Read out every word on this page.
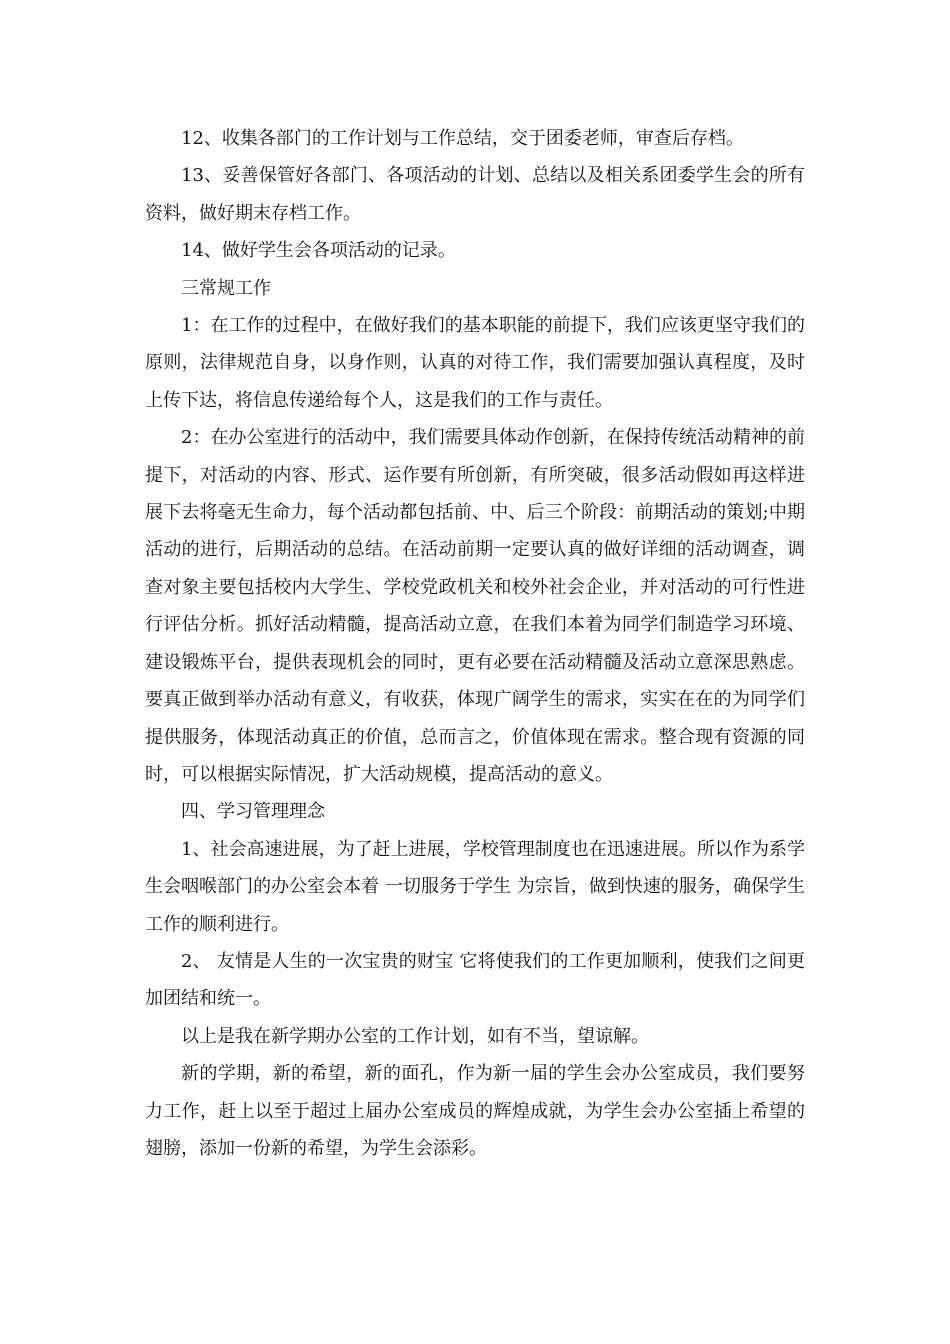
12、收集各部门的工作计划与工作总结，交于团委老师，审查后存档。

13、妥善保管好各部门、各项活动的计划、总结以及相关系团委学生会的所有资料，做好期末存档工作。

14、做好学生会各项活动的记录。

三常规工作

1：在工作的过程中，在做好我们的基本职能的前提下，我们应该更坚守我们的原则，法律规范自身，以身作则，认真的对待工作，我们需要加强认真程度，及时上传下达，将信息传递给每个人，这是我们的工作与责任。

2：在办公室进行的活动中，我们需要具体动作创新，在保持传统活动精神的前提下，对活动的内容、形式、运作要有所创新，有所突破，很多活动假如再这样进展下去将毫无生命力，每个活动都包括前、中、后三个阶段：前期活动的策划;中期活动的进行，后期活动的总结。在活动前期一定要认真的做好详细的活动调查，调查对象主要包括校内大学生、学校党政机关和校外社会企业，并对活动的可行性进行评估分析。抓好活动精髓，提高活动立意，在我们本着为同学们制造学习环境、建设锻炼平台，提供表现机会的同时，更有必要在活动精髓及活动立意深思熟虑。要真正做到举办活动有意义，有收获，体现广阔学生的需求，实实在在的为同学们提供服务，体现活动真正的价值，总而言之，价值体现在需求。整合现有资源的同时，可以根据实际情况，扩大活动规模，提高活动的意义。

四、学习管理理念

1、社会高速进展，为了赶上进展，学校管理制度也在迅速进展。所以作为系学生会咽喉部门的办公室会本着 一切服务于学生 为宗旨，做到快速的服务，确保学生工作的顺利进行。

2、 友情是人生的一次宝贵的财宝 它将使我们的工作更加顺利，使我们之间更加团结和统一。

以上是我在新学期办公室的工作计划，如有不当，望谅解。

新的学期，新的希望，新的面孔，作为新一届的学生会办公室成员，我们要努力工作，赶上以至于超过上届办公室成员的辉煌成就，为学生会办公室插上希望的翅膀，添加一份新的希望，为学生会添彩。
